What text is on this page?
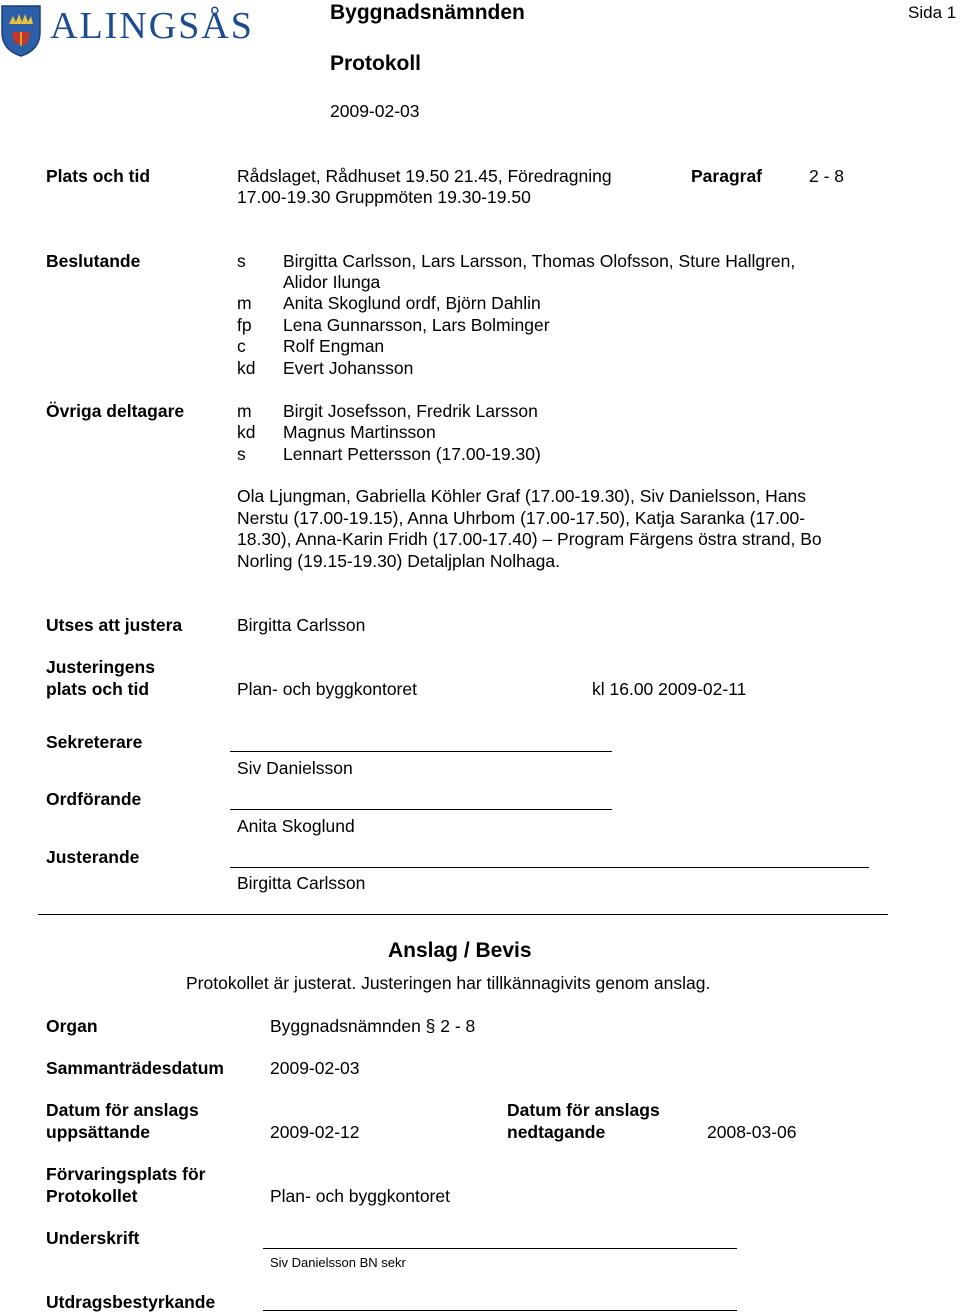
ALINGSÅS	Byggnadsnämnden	Sida 1
Protokoll
2009-02-03
Plats och tid	Rådslaget, Rådhuset 19.50 21.45, Föredragning
17.00-19.30 Gruppmöten 19.30-19.50
Paragraf	2 - 8
Beslutande	s Birgitta Carlsson, Lars Larsson, Thomas Olofsson, Sture Hallgren,
Alidor Ilunga
m Anita Skoglund ordf, Björn Dahlin
fp Lena Gunnarsson, Lars Bolminger
c Rolf Engman
kd Evert Johansson
Övriga deltagare	m Birgit Josefsson, Fredrik Larsson
kd Magnus Martinsson
s Lennart Pettersson (17.00-19.30)
Ola Ljungman, Gabriella Köhler Graf (17.00-19.30), Siv Danielsson, Hans
Nerstu (17.00-19.15), Anna Uhrbom (17.00-17.50), Katja Saranka (17.00-
18.30), Anna-Karin Fridh (17.00-17.40) – Program Färgens östra strand, Bo
Norling (19.15-19.30) Detaljplan Nolhaga.
Utses att justera	Birgitta Carlsson
Justeringens
plats och tid	Plan- och byggkontoret	kl 16.00 2009-02-11
Sekreterare
Siv Danielsson
Ordförande
Anita Skoglund
Justerande
Birgitta Carlsson
Anslag / Bevis
Protokollet är justerat. Justeringen har tillkännagivits genom anslag.
Organ	Byggnadsnämnden § 2 - 8
Sammanträdesdatum	2009-02-03
Datum för anslags
uppsättande	2009-02-12
Datum för anslags
nedtagande	2008-03-06
Förvaringsplats för
Protokollet	Plan- och byggkontoret
Underskrift
Siv Danielsson BN sekr
Utdragsbestyrkande
